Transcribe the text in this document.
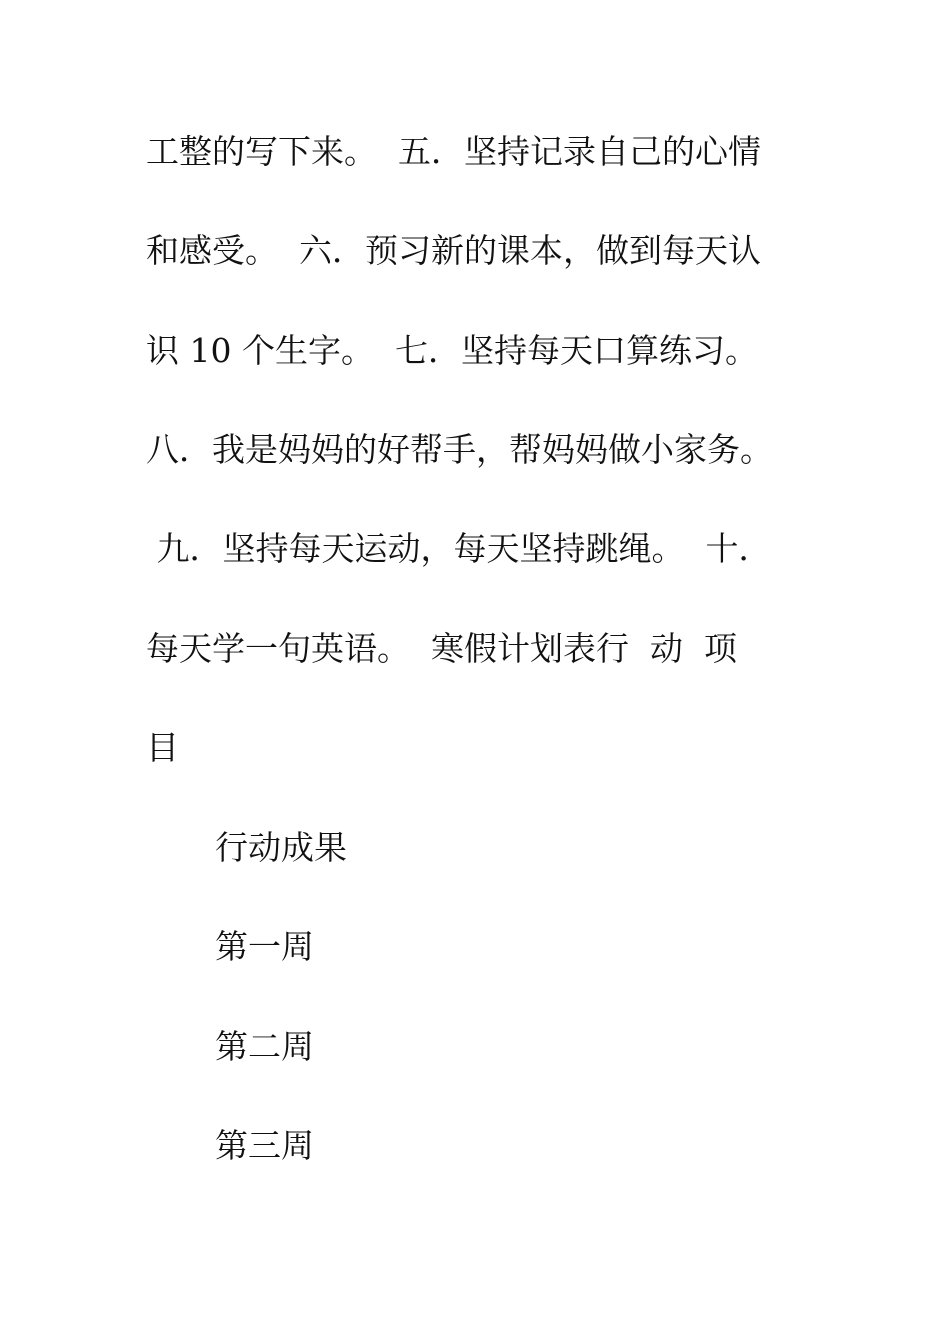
工整的写下来。  五．坚持记录自己的心情
和感受。  六．预习新的课本，做到每天认
识 10 个生字。  七．坚持每天口算练习。
八．我是妈妈的好帮手，帮妈妈做小家务。
九．坚持每天运动，每天坚持跳绳。  十．
每天学一句英语。  寒假计划表行  动  项
目
行动成果
第一周
第二周
第三周
